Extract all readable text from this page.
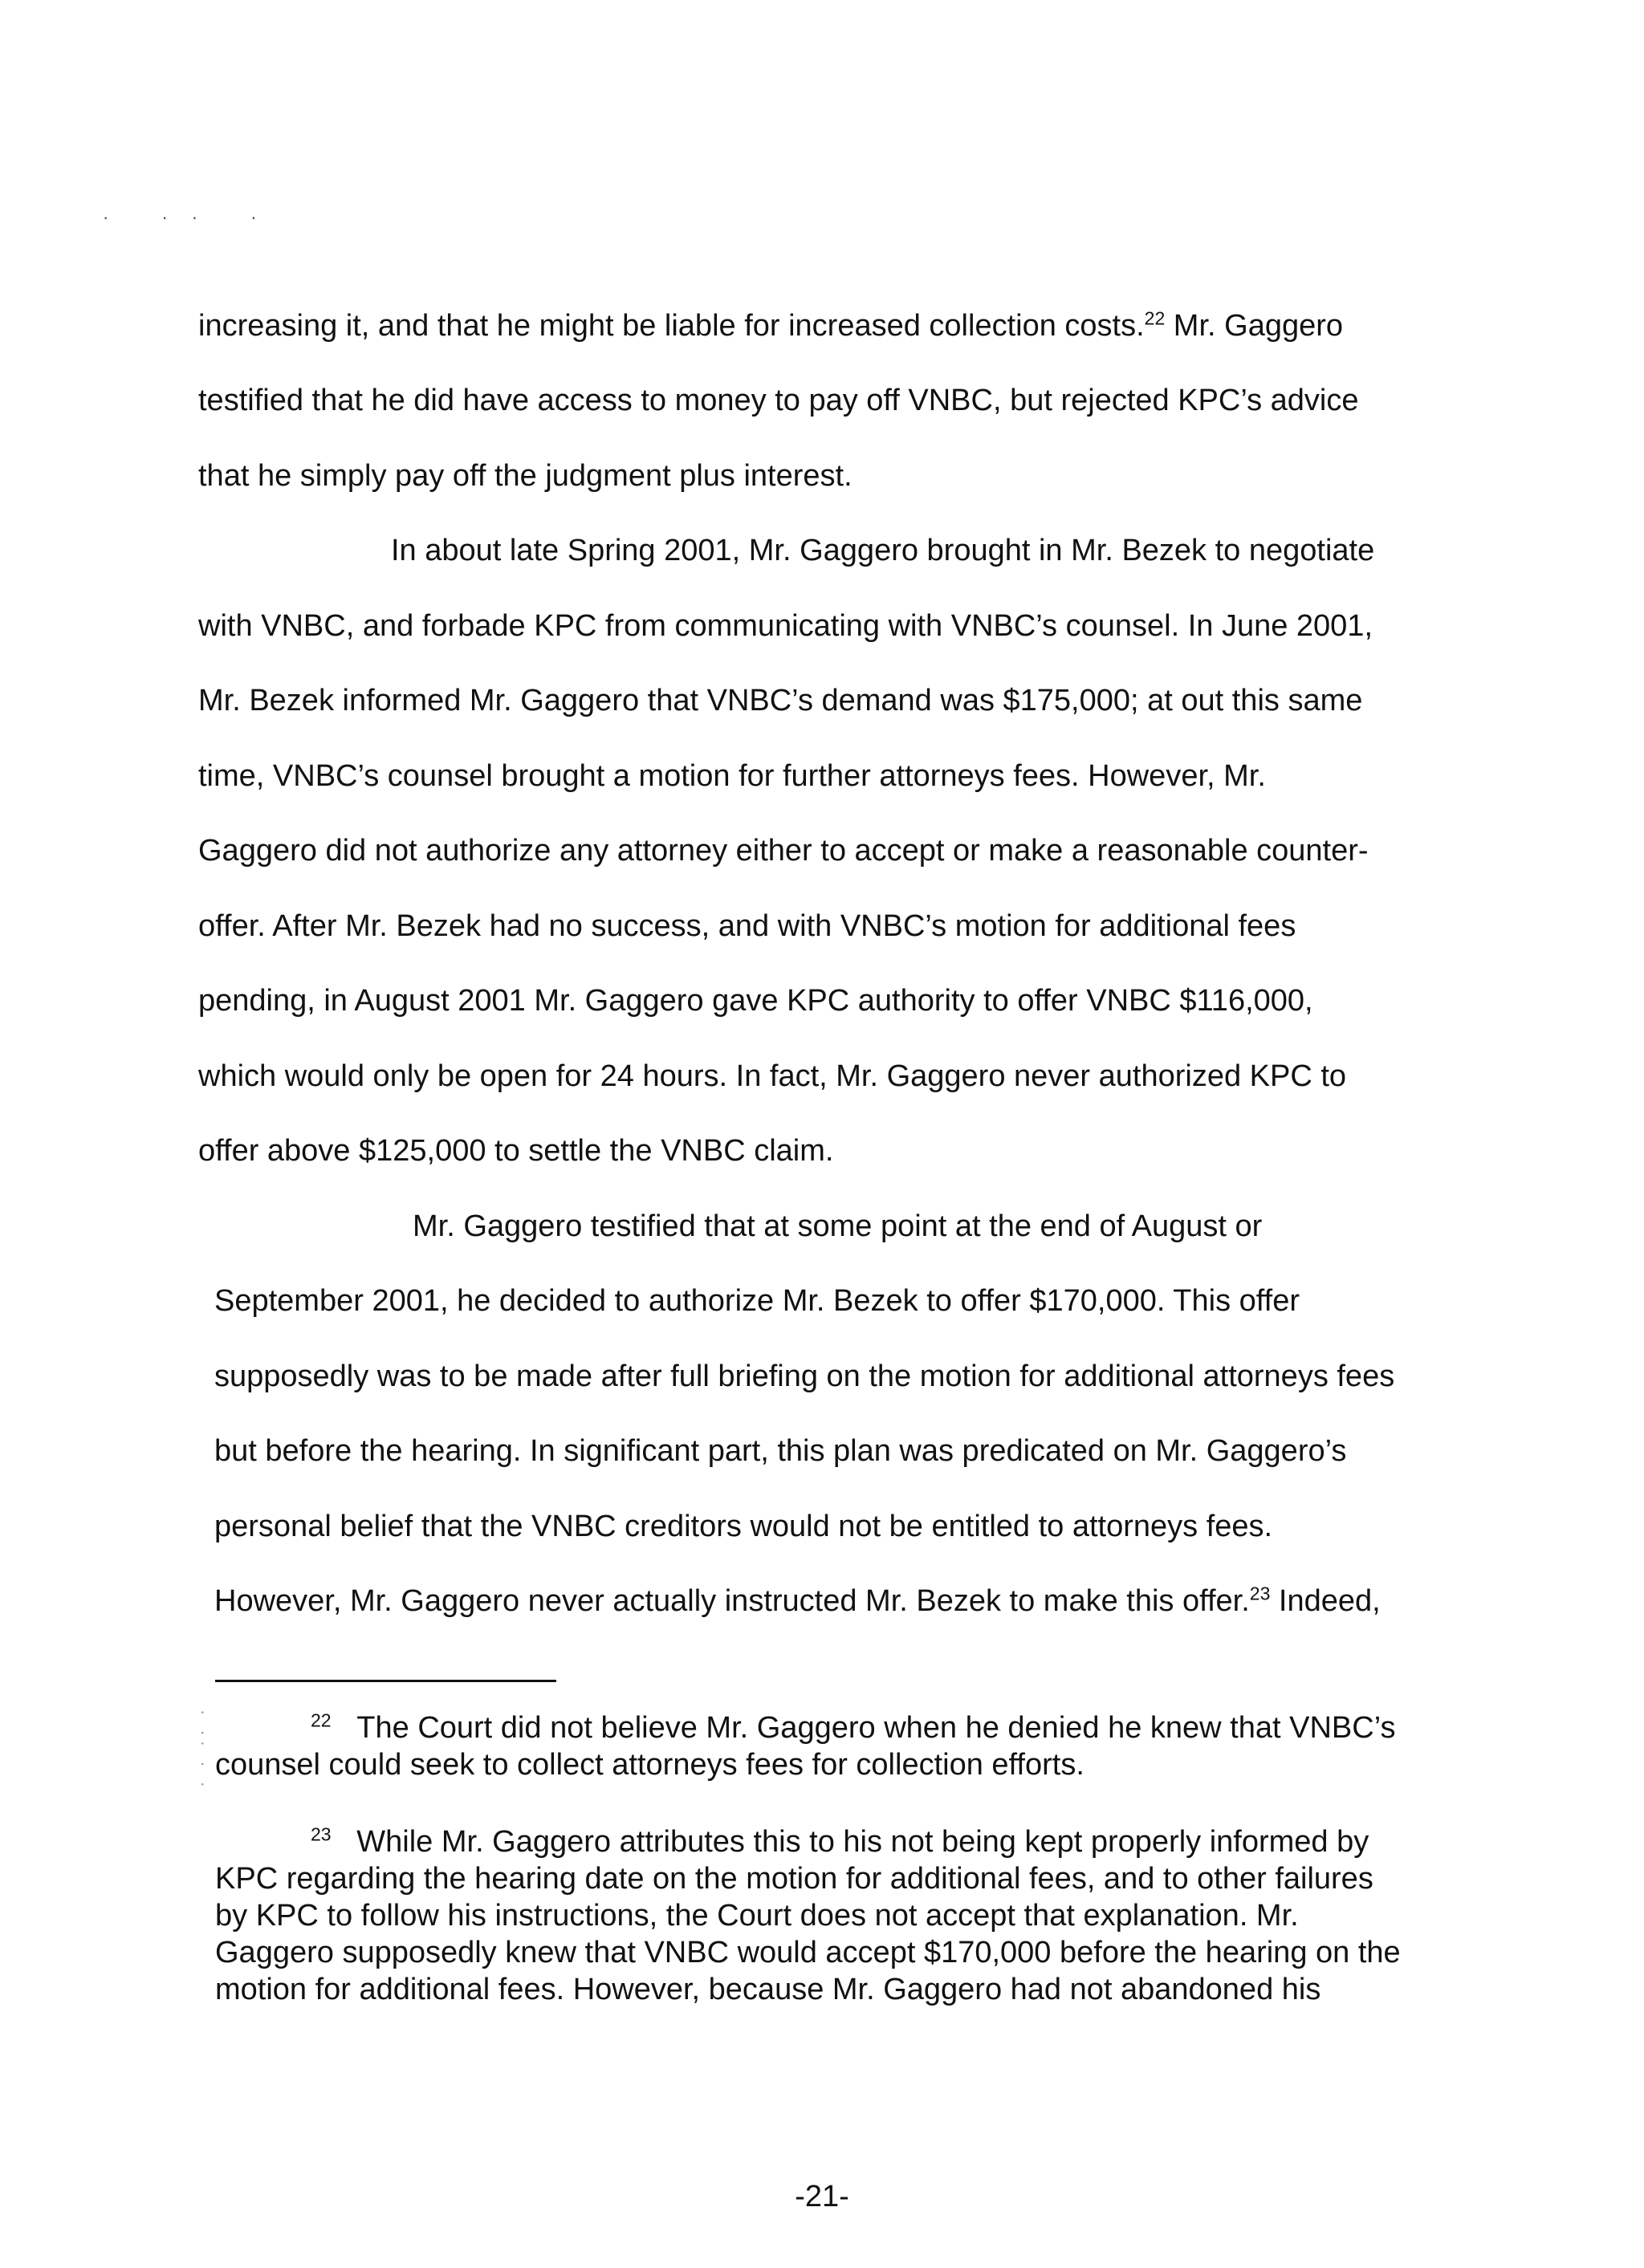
· ·· ·
increasing it, and that he might be liable for increased collection costs.$^{22}$ Mr. Gaggero
testified that he did have access to money to pay off VNBC, but rejected KPC’s advice
that he simply pay off the judgment plus interest.
In about late Spring 2001, Mr. Gaggero brought in Mr. Bezek to negotiate
with VNBC, and forbade KPC from communicating with VNBC’s counsel. In June 2001,
Mr. Bezek informed Mr. Gaggero that VNBC’s demand was $175,000; at out this same
time, VNBC’s counsel brought a motion for further attorneys fees. However, Mr.
Gaggero did not authorize any attorney either to accept or make a reasonable counter-
offer. After Mr. Bezek had no success, and with VNBC’s motion for additional fees
pending, in August 2001 Mr. Gaggero gave KPC authority to offer VNBC $116,000,
which would only be open for 24 hours. In fact, Mr. Gaggero never authorized KPC to
offer above $125,000 to settle the VNBC claim.
Mr. Gaggero testified that at some point at the end of August or
September 2001, he decided to authorize Mr. Bezek to offer $170,000. This offer
supposedly was to be made after full briefing on the motion for additional attorneys fees
but before the hearing. In significant part, this plan was predicated on Mr. Gaggero’s
personal belief that the VNBC creditors would not be entitled to attorneys fees.
However, Mr. Gaggero never actually instructed Mr. Bezek to make this offer.$^{23}$ Indeed,
· ·· · ·	$^{22}$ The Court did not believe Mr. Gaggero when he denied he knew that VNBC’s
counsel could seek to collect attorneys fees for collection efforts.
$^{23}$ While Mr. Gaggero attributes this to his not being kept properly informed by
KPC regarding the hearing date on the motion for additional fees, and to other failures
by KPC to follow his instructions, the Court does not accept that explanation. Mr.
Gaggero supposedly knew that VNBC would accept $170,000 before the hearing on the
motion for additional fees. However, because Mr. Gaggero had not abandoned his
-21-
